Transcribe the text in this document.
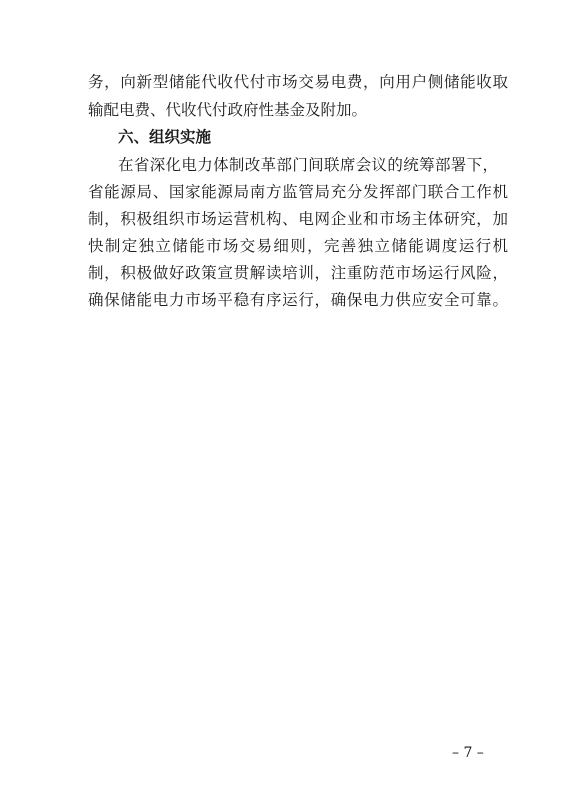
务，向新型储能代收代付市场交易电费，向用户侧储能收取
输配电费、代收代付政府性基金及附加。
六、组织实施
在省深化电力体制改革部门间联席会议的统筹部署下，
省能源局、国家能源局南方监管局充分发挥部门联合工作机
制，积极组织市场运营机构、电网企业和市场主体研究，加
快制定独立储能市场交易细则，完善独立储能调度运行机
制，积极做好政策宣贯解读培训，注重防范市场运行风险，
确保储能电力市场平稳有序运行，确保电力供应安全可靠。
– 7 –
